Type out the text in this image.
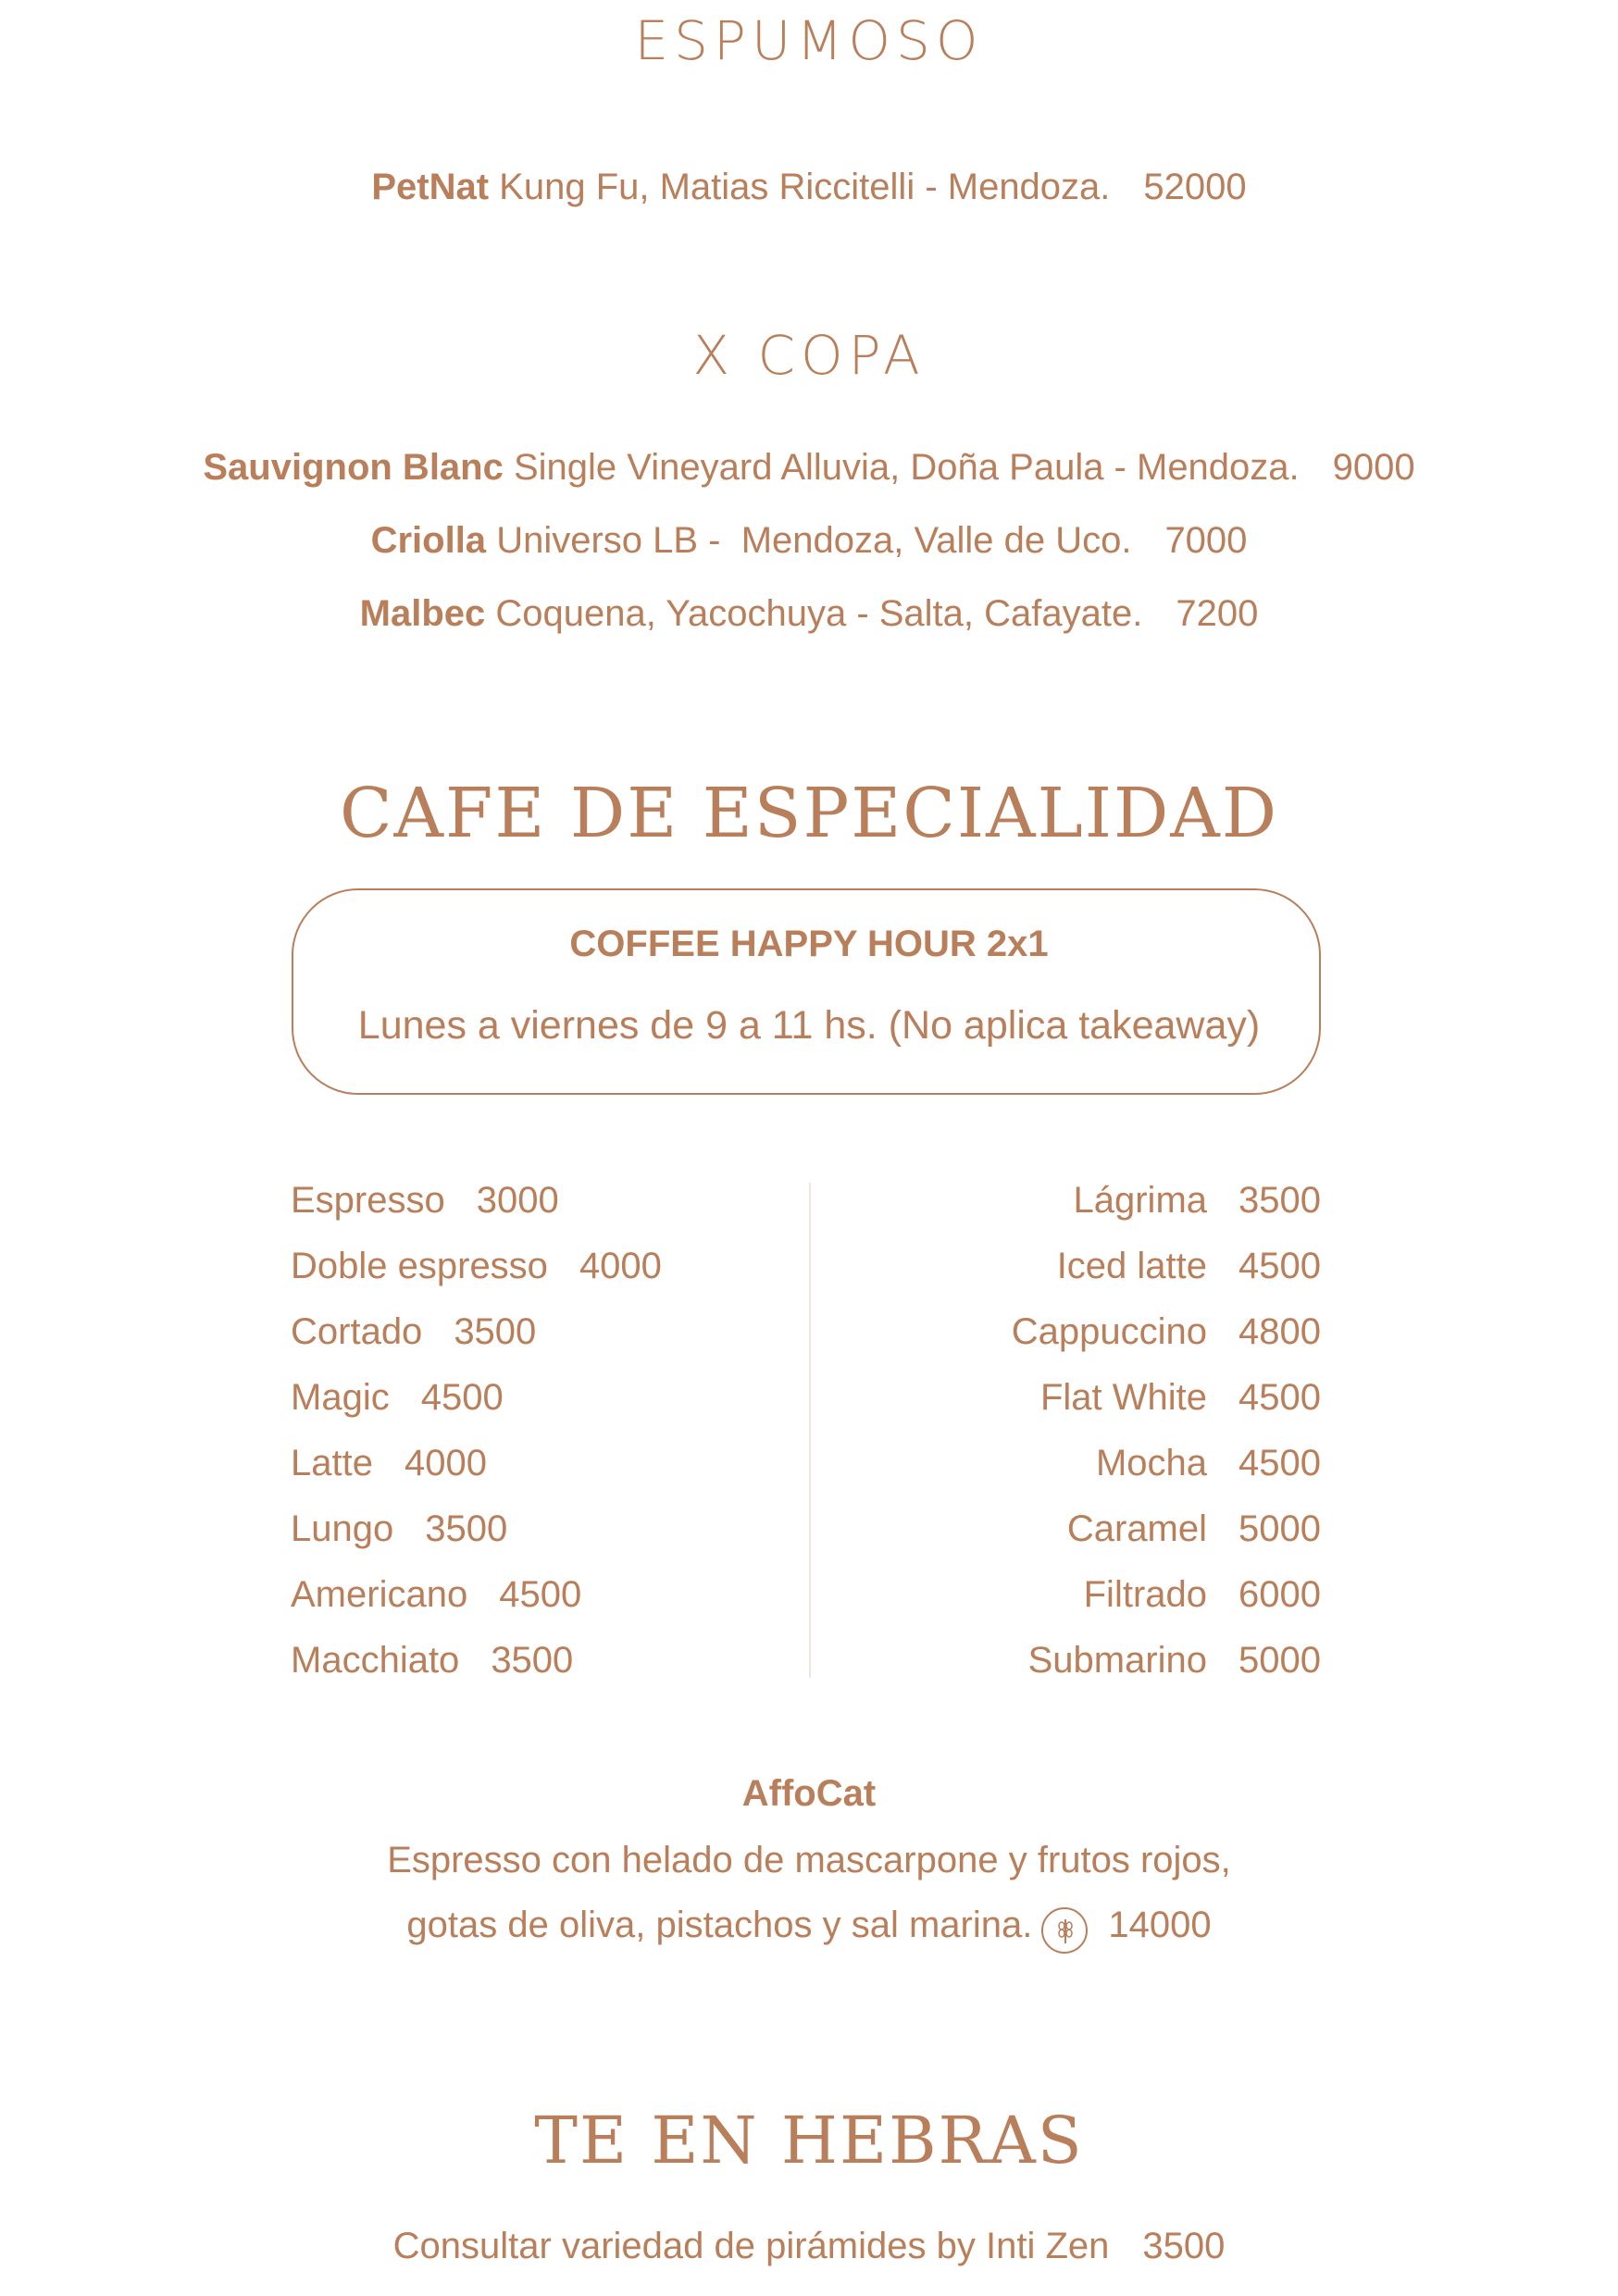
ESPUMOSO
PetNat Kung Fu, Matias Riccitelli - Mendoza. 52000
X COPA
Sauvignon Blanc Single Vineyard Alluvia, Doña Paula - Mendoza. 9000
Criolla Universo LB -  Mendoza, Valle de Uco. 7000
Malbec Coquena, Yacochuya - Salta, Cafayate. 7200
CAFE DE ESPECIALIDAD
COFFEE HAPPY HOUR 2x1
Lunes a viernes de 9 a 11 hs. (No aplica takeaway)
Espresso 3000
Doble espresso 4000
Cortado 3500
Magic 4500
Latte 4000
Lungo 3500
Americano 4500
Macchiato 3500
Lágrima 3500
Iced latte 4500
Cappuccino 4800
Flat White 4500
Mocha 4500
Caramel 5000
Filtrado 6000
Submarino 5000
AffoCat
Espresso con helado de mascarpone y frutos rojos,
gotas de oliva, pistachos y sal marina. 14000
TE EN HEBRAS
Consultar variedad de pirámides by Inti Zen 3500
